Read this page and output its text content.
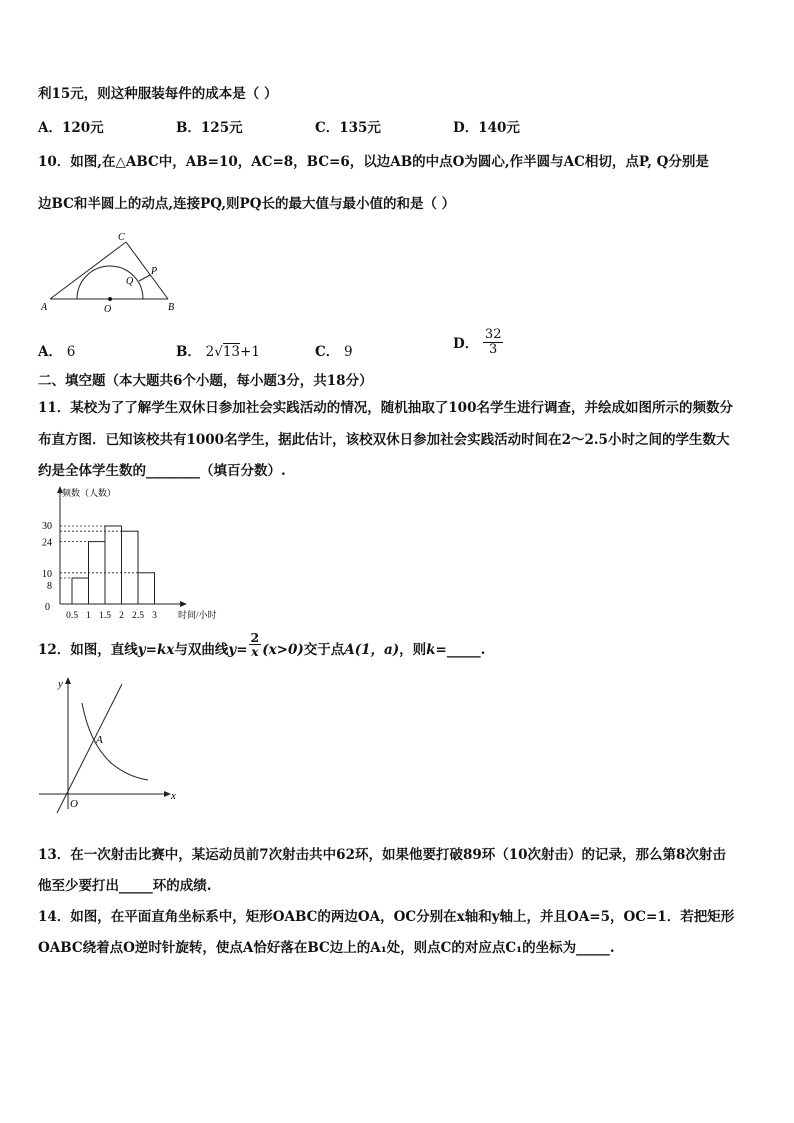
利15元，则这种服装每件的成本是（ ）
A．120元	B．125元	C．135元	D．140元
10．如图,在△ABC中，AB=10，AC=8，BC=6，以边AB的中点O为圆心,作半圆与AC相切，点P, Q分别是
边BC和半圆上的动点,连接PQ,则PQ长的最大值与最小值的和是（ ）
A	B
C
O
P
Q
A． 6	B． 2√13+1	C． 9	D． $\frac{32}{3}$
二、填空题（本大题共6个小题，每小题3分，共18分）
11．某校为了了解学生双休日参加社会实践活动的情况，随机抽取了100名学生进行调查，并绘成如图所示的频数分
布直方图．已知该校共有1000名学生，据此估计，该校双休日参加社会实践活动时间在2～2.5小时之间的学生数大
约是全体学生数的________（填百分数）.
频数（人数）
时间/小时
0
30
24
10
8
0.5 1 1.5 2 2.5 3
12．如图，直线y=kx与双曲线$y= \frac{2}{x} (x>0)$交于点A(1，a)，则k=_____.
y
x
O
A
13．在一次射击比赛中，某运动员前7次射击共中62环，如果他要打破89环（10次射击）的记录，那么第8次射击
他至少要打出_____环的成绩.
14．如图，在平面直角坐标系中，矩形OABC的两边OA，OC分别在x轴和y轴上，并且OA=5，OC=1．若把矩形
OABC绕着点O逆时针旋转，使点A恰好落在BC边上的A₁处，则点C的对应点C₁的坐标为_____.
